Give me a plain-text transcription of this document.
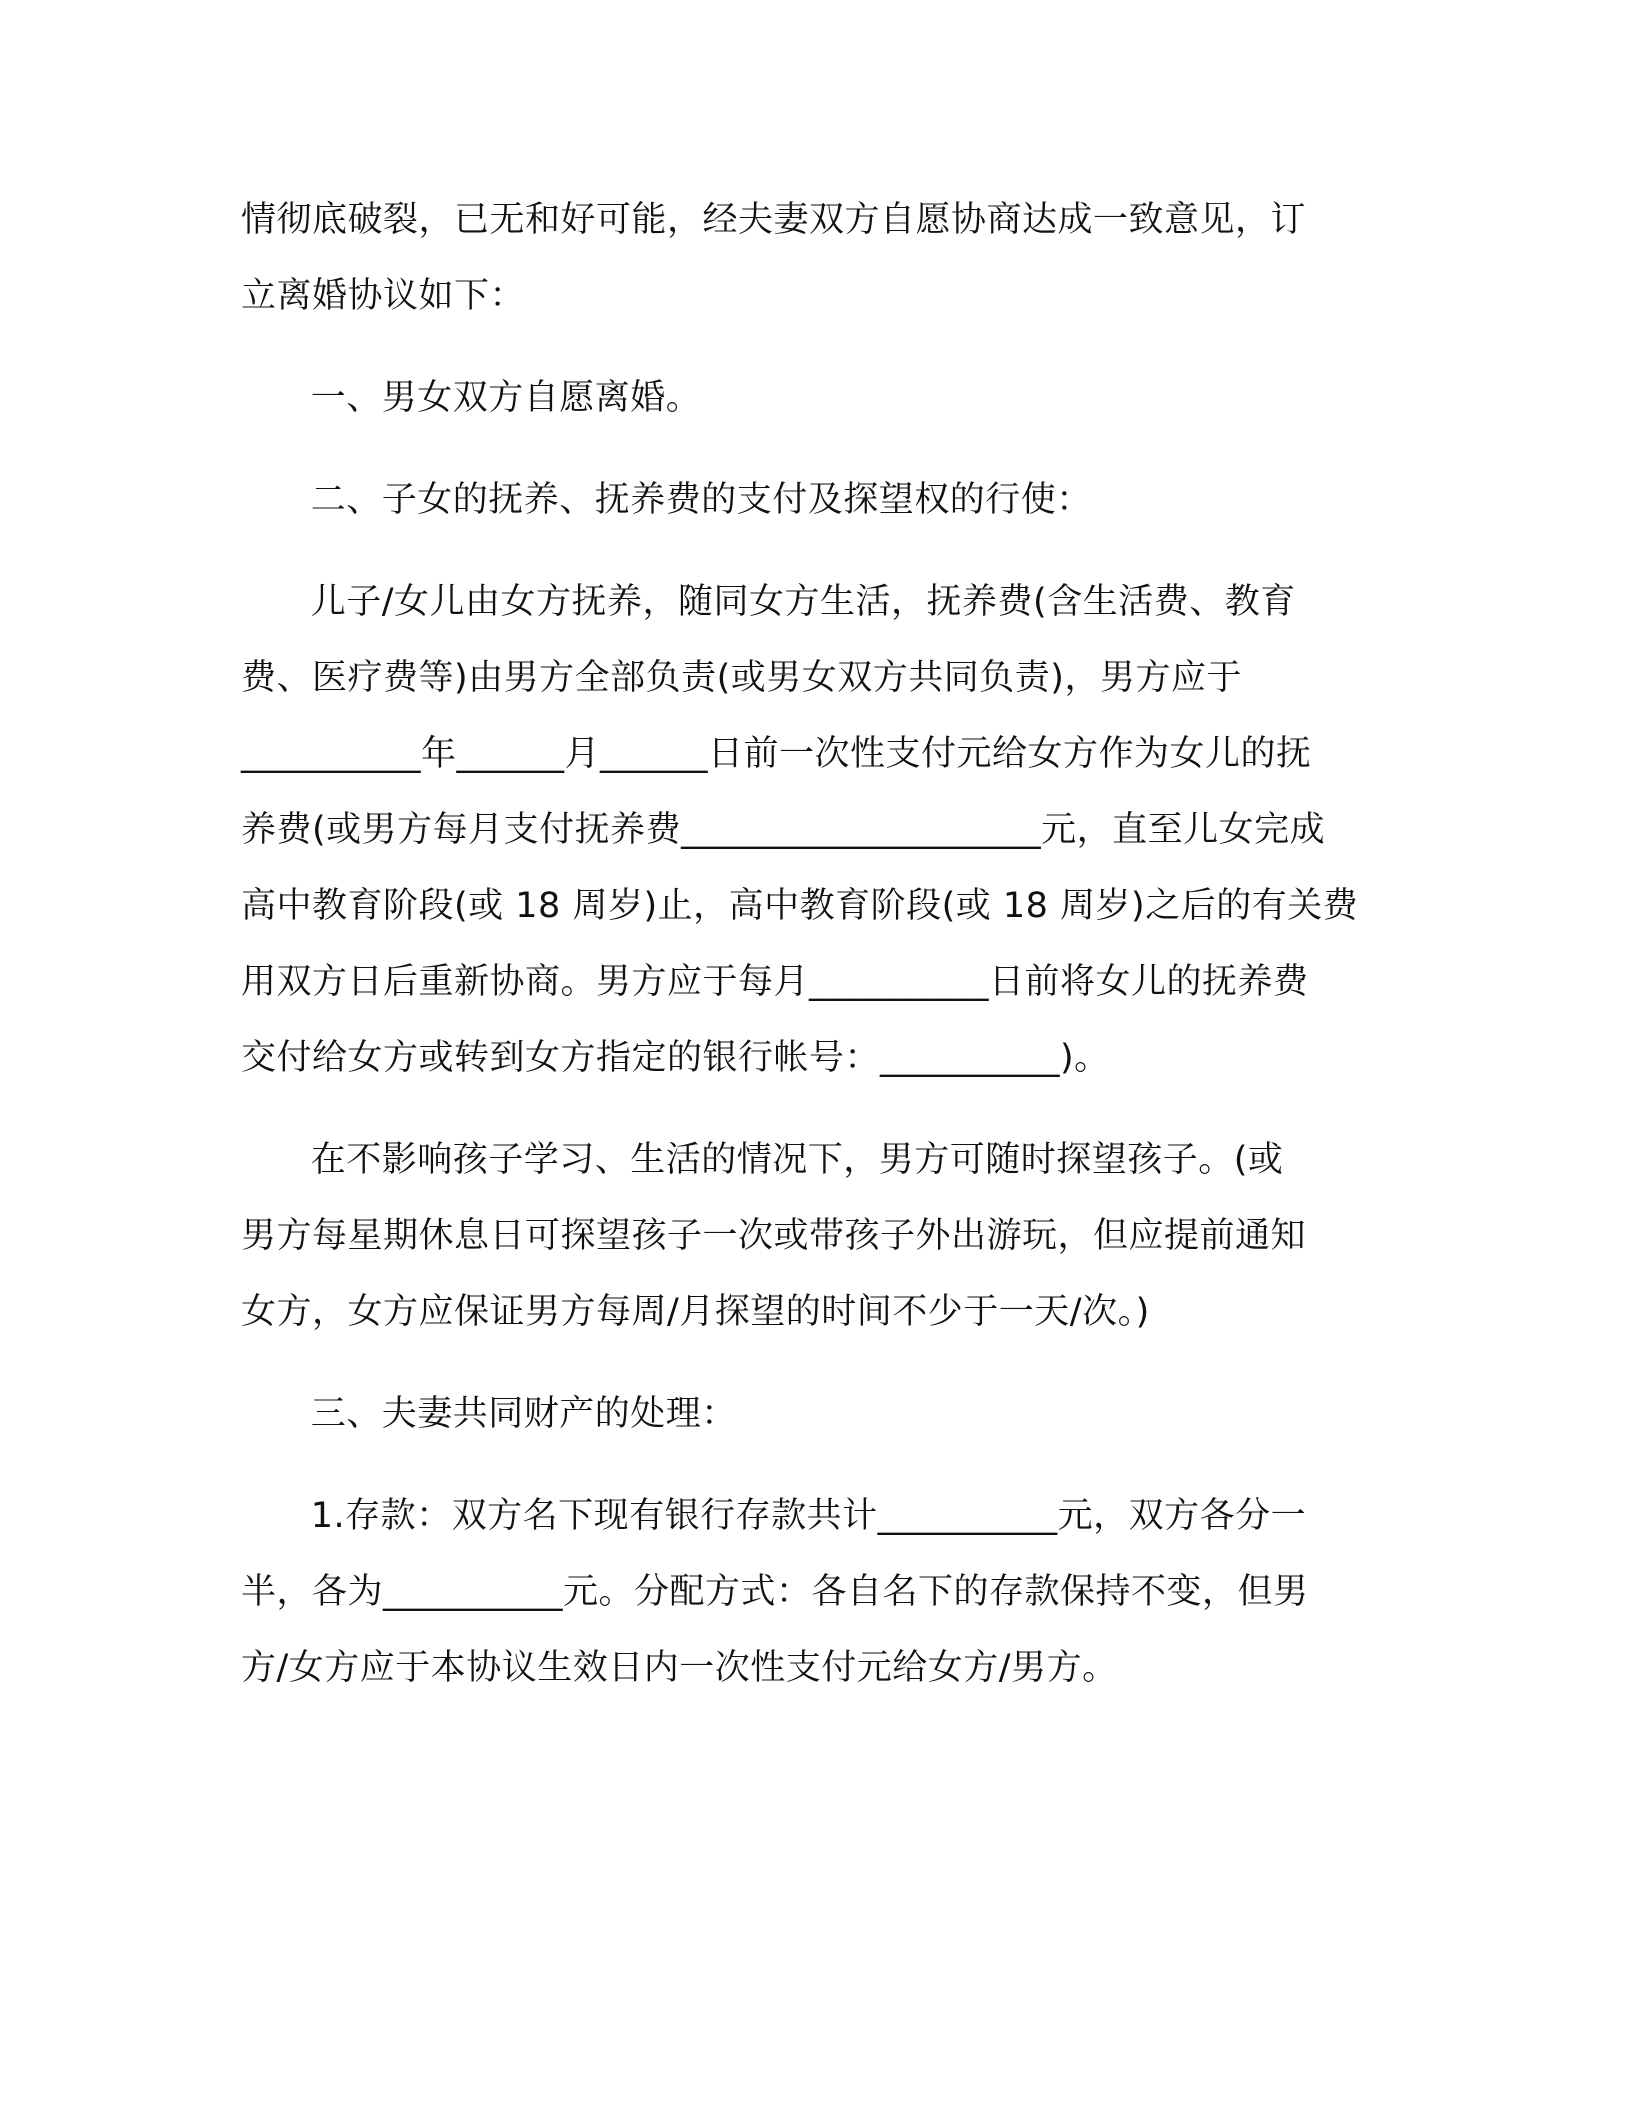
情彻底破裂，已无和好可能，经夫妻双方自愿协商达成一致意见，订
立离婚协议如下：
一、男女双方自愿离婚。
二、子女的抚养、抚养费的支付及探望权的行使：
儿子/女儿由女方抚养，随同女方生活，抚养费(含生活费、教育
费、医疗费等)由男方全部负责(或男女双方共同负责)，男方应于
__________年______月______日前一次性支付元给女方作为女儿的抚
养费(或男方每月支付抚养费____________________元，直至儿女完成
高中教育阶段(或 18 周岁)止，高中教育阶段(或 18 周岁)之后的有关费
用双方日后重新协商。男方应于每月__________日前将女儿的抚养费
交付给女方或转到女方指定的银行帐号：__________)。
在不影响孩子学习、生活的情况下，男方可随时探望孩子。(或
男方每星期休息日可探望孩子一次或带孩子外出游玩，但应提前通知
女方，女方应保证男方每周/月探望的时间不少于一天/次。)
三、夫妻共同财产的处理：
1.存款：双方名下现有银行存款共计__________元，双方各分一
半，各为__________元。分配方式：各自名下的存款保持不变，但男
方/女方应于本协议生效日内一次性支付元给女方/男方。
